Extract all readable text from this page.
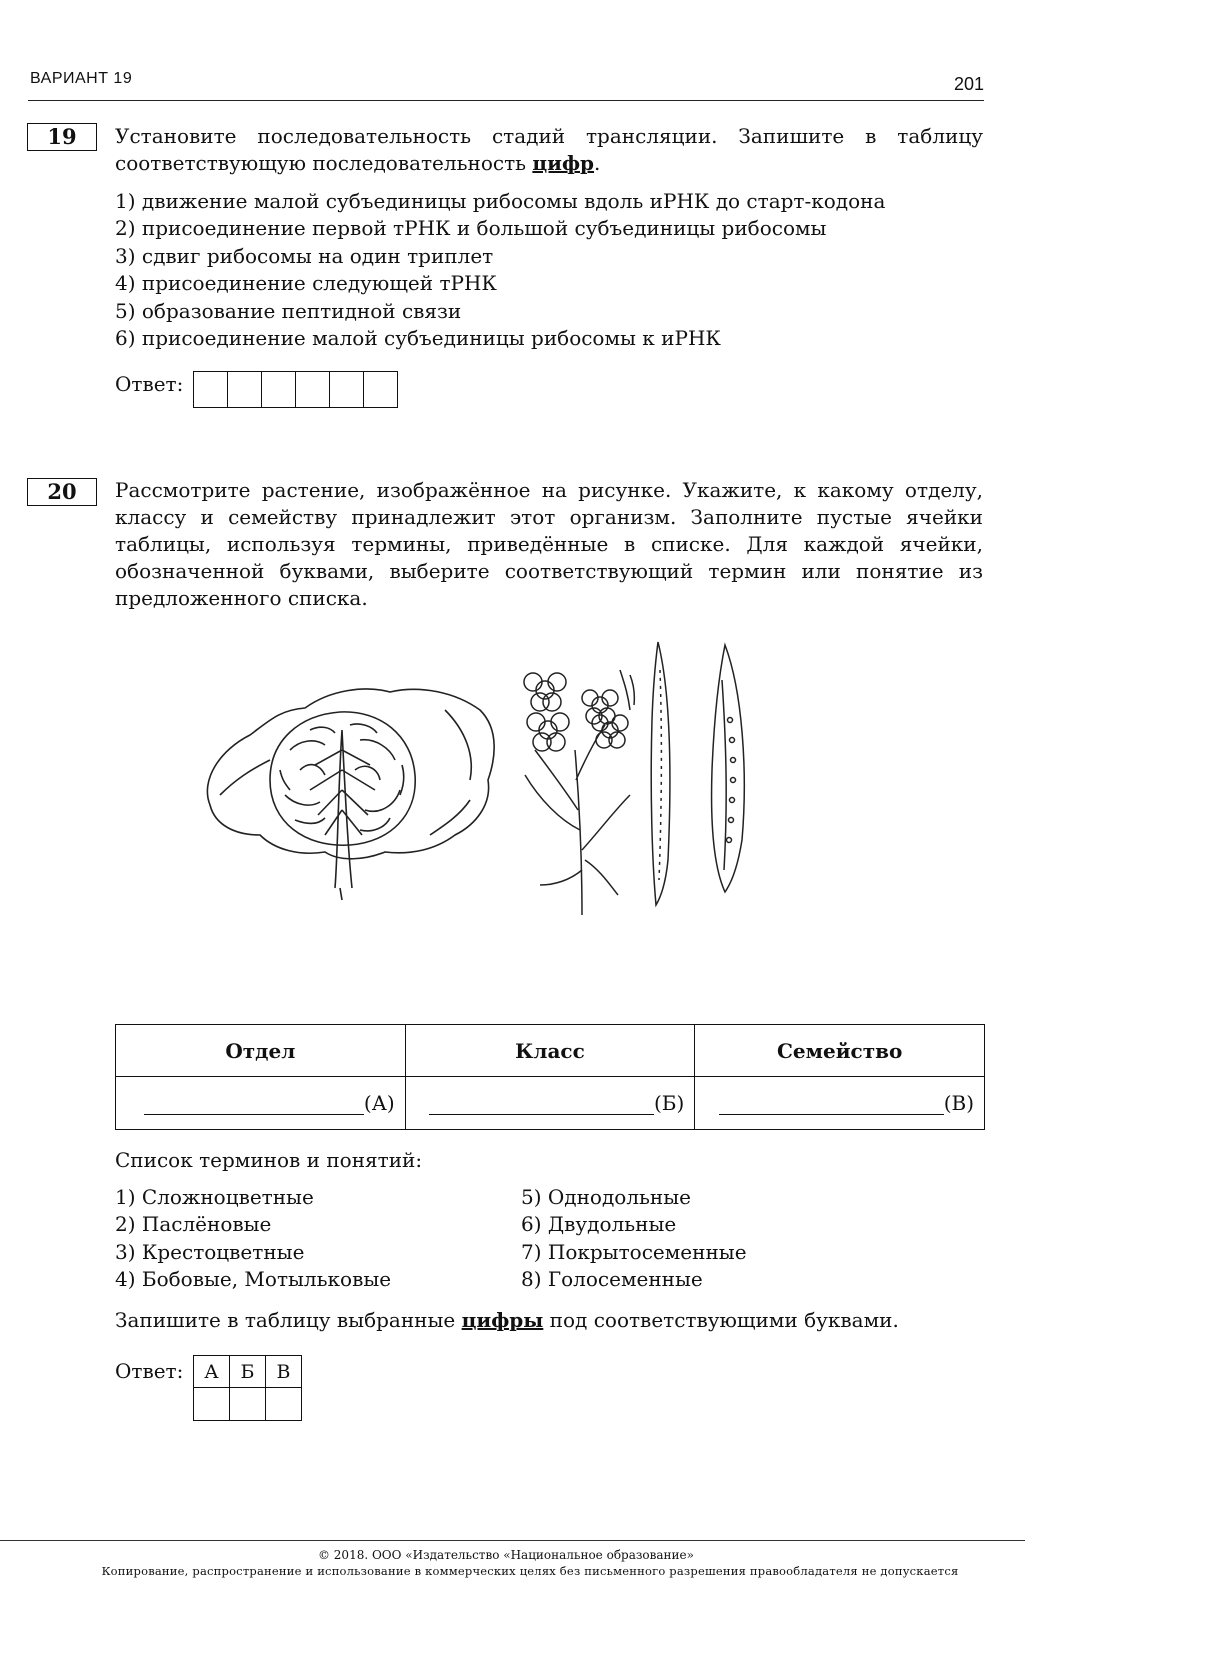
ВАРИАНТ 19	201
19	Установите последовательность стадий трансляции. Запишите в таблицу соответствующую последовательность цифр.
1) движение малой субъединицы рибосомы вдоль иРНК до старт-кодона
2) присоединение первой тРНК и большой субъединицы рибосомы
3) сдвиг рибосомы на один триплет
4) присоединение следующей тРНК
5) образование пептидной связи
6) присоединение малой субъединицы рибосомы к иРНК
Ответ:

20	Рассмотрите растение, изображённое на рисунке. Укажите, к какому отделу, классу и семейству принадлежит этот организм. Заполните пустые ячейки таблицы, используя термины, приведённые в списке. Для каждой ячейки, обозначенной буквами, выберите соответствующий термин или понятие из предложенного списка.
Отдел	Класс	Семейство
(А)	(Б)	(В)
Список терминов и понятий:
1) Сложноцветные
2) Паслёновые
3) Крестоцветные
4) Бобовые, Мотыльковые
5) Однодольные
6) Двудольные
7) Покрытосеменные
8) Голосеменные
Запишите в таблицу выбранные цифры под соответствующими буквами.
Ответ: А	Б	В

© 2018. ООО «Издательство «Национальное образование»
Копирование, распространение и использование в коммерческих целях без письменного разрешения правообладателя не допускается
